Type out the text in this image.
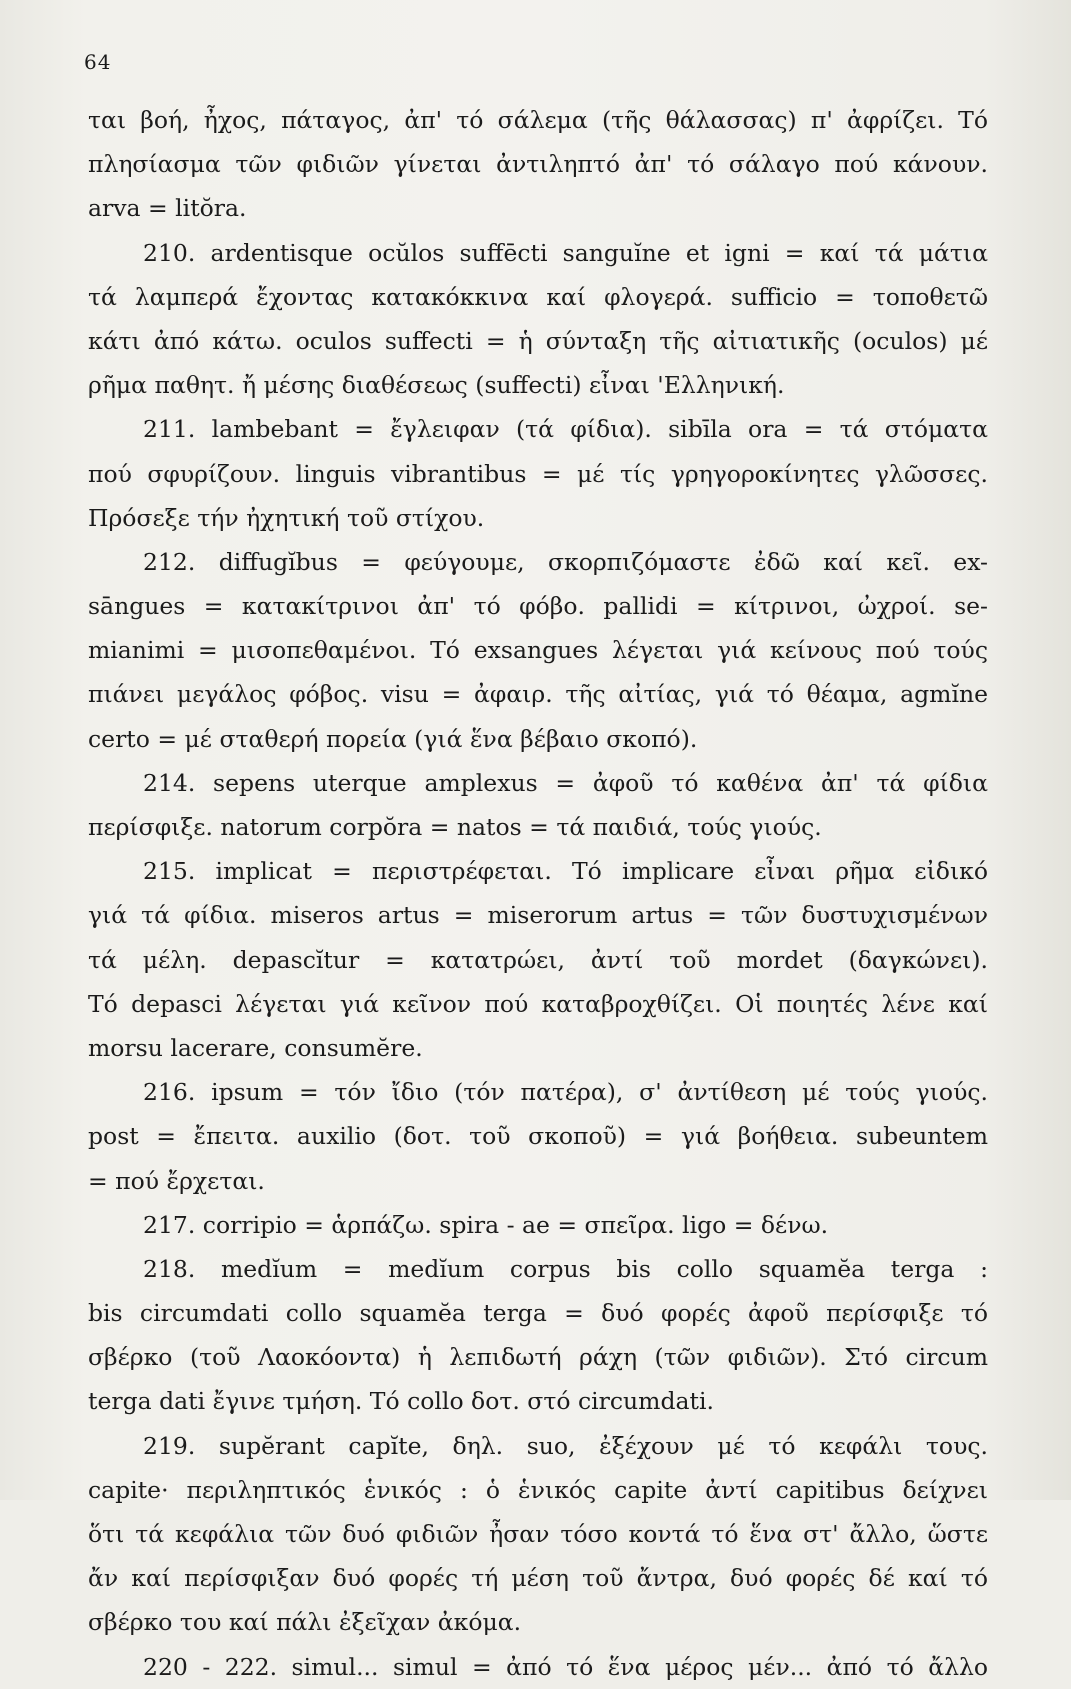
64
ται βοή, ἦχος, πάταγος, ἀπ' τό σάλεμα (τῆς θάλασσας) π' ἀφρίζει. Τό
πλησίασμα τῶν φιδιῶν γίνεται ἀντιληπτό ἀπ' τό σάλαγο πού κάνουν.
arva = litŏra.
210. ardentisque ocŭlos suffēcti sanguĭne et igni = καί τά μάτια
τά λαμπερά ἔχοντας κατακόκκινα καί φλογερά. sufficio = τοποθετῶ
κάτι ἀπό κάτω. oculos suffecti = ἡ σύνταξη τῆς αἰτιατικῆς (oculos) μέ
ρῆμα παθητ. ἤ μέσης διαθέσεως (suffecti) εἶναι 'Ελληνική.
211. lambebant = ἔγλειφαν (τά φίδια). sibīla ora = τά στόματα
πού σφυρίζουν. linguis vibrantibus = μέ τίς γρηγοροκίνητες γλῶσσες.
Πρόσεξε τήν ἠχητική τοῦ στίχου.
212. diffugĭbus = φεύγουμε, σκορπιζόμαστε ἐδῶ καί κεῖ. ex-
sāngues = κατακίτρινοι ἀπ' τό φόβο. pallidi = κίτρινοι, ὠχροί. se-
mianimi = μισοπεθαμένοι. Τό exsangues λέγεται γιά κείνους πού τούς
πιάνει μεγάλος φόβος. visu = ἀφαιρ. τῆς αἰτίας, γιά τό θέαμα, agmĭne
certo = μέ σταθερή πορεία (γιά ἕνα βέβαιο σκοπό).
214. sepens uterque amplexus = ἀφοῦ τό καθένα ἀπ' τά φίδια
περίσφιξε. natorum corpŏra = natos = τά παιδιά, τούς γιούς.
215. implicat = περιστρέφεται. Τό implicare εἶναι ρῆμα εἰδικό
γιά τά φίδια. miseros artus = miserorum artus = τῶν δυστυχισμένων
τά μέλη. depascĭtur = κατατρώει, ἀντί τοῦ mordet (δαγκώνει).
Τό depasci λέγεται γιά κεῖνον πού καταβροχθίζει. Οἱ ποιητές λένε καί
morsu lacerare, consumĕre.
216. ipsum = τόν ἴδιο (τόν πατέρα), σ' ἀντίθεση μέ τούς γιούς.
post = ἔπειτα. auxilio (δοτ. τοῦ σκοποῦ) = γιά βοήθεια. subeuntem
= πού ἔρχεται.
217. corripio = ἁρπάζω. spira - ae = σπεῖρα. ligo = δένω.
218. medĭum = medĭum corpus bis collo squamĕa terga :
bis circumdati collo squamĕa terga = δυό φορές ἀφοῦ περίσφιξε τό
σβέρκο (τοῦ Λαοκόοντα) ἡ λεπιδωτή ράχη (τῶν φιδιῶν). Στό circum
terga dati ἔγινε τμήση. Τό collo δοτ. στό circumdati.
219. supĕrant capĭte, δηλ. suo, ἐξέχουν μέ τό κεφάλι τους.
capite· περιληπτικός ἑνικός : ὁ ἑνικός capite ἀντί capitibus δείχνει
ὅτι τά κεφάλια τῶν δυό φιδιῶν ἦσαν τόσο κοντά τό ἕνα στ' ἄλλο, ὥστε
ἄν καί περίσφιξαν δυό φορές τή μέση τοῦ ἄντρα, δυό φορές δέ καί τό
σβέρκο του καί πάλι ἐξεῖχαν ἀκόμα.
220 - 222. simul... simul = ἀπό τό ἕνα μέρος μέν... ἀπό τό ἄλλο
